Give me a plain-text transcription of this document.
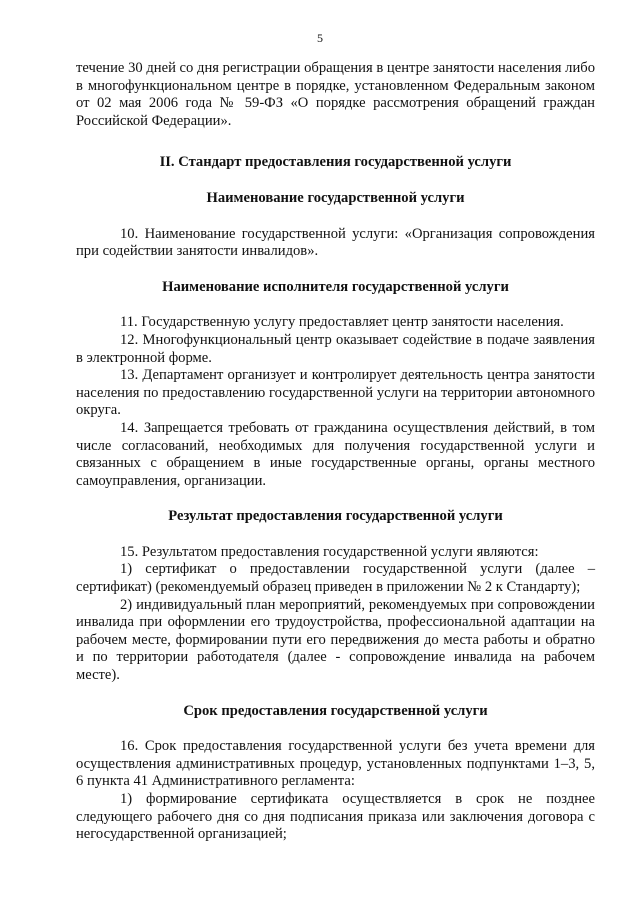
5

течение 30 дней со дня регистрации обращения в центре занятости населения либо в многофункциональном центре в порядке, установленном Федеральным законом от 02 мая 2006 года № 59-ФЗ «О порядке рассмотрения обращений граждан Российской Федерации».

II. Стандарт предоставления государственной услуги

Наименование государственной услуги

10. Наименование государственной услуги: «Организация сопровождения при содействии занятости инвалидов».

Наименование исполнителя государственной услуги

11. Государственную услугу предоставляет центр занятости населения.

12. Многофункциональный центр оказывает содействие в подаче заявления в электронной форме.

13. Департамент организует и контролирует деятельность центра занятости населения по предоставлению государственной услуги на территории автономного округа.

14. Запрещается требовать от гражданина осуществления действий, в том числе согласований, необходимых для получения государственной услуги и связанных с обращением в иные государственные органы, органы местного самоуправления, организации.

Результат предоставления государственной услуги

15. Результатом предоставления государственной услуги являются:

1) сертификат о предоставлении государственной услуги (далее – сертификат) (рекомендуемый образец приведен в приложении № 2 к Стандарту);

2) индивидуальный план мероприятий, рекомендуемых при сопровождении инвалида при оформлении его трудоустройства, профессиональной адаптации на рабочем месте, формировании пути его передвижения до места работы и обратно и по территории работодателя (далее - сопровождение инвалида на рабочем месте).

Срок предоставления государственной услуги

16. Срок предоставления государственной услуги без учета времени для осуществления административных процедур, установленных подпунктами 1–3, 5, 6 пункта 41 Административного регламента:

1) формирование сертификата осуществляется в срок не позднее следующего рабочего дня со дня подписания приказа или заключения договора с негосударственной организацией;
